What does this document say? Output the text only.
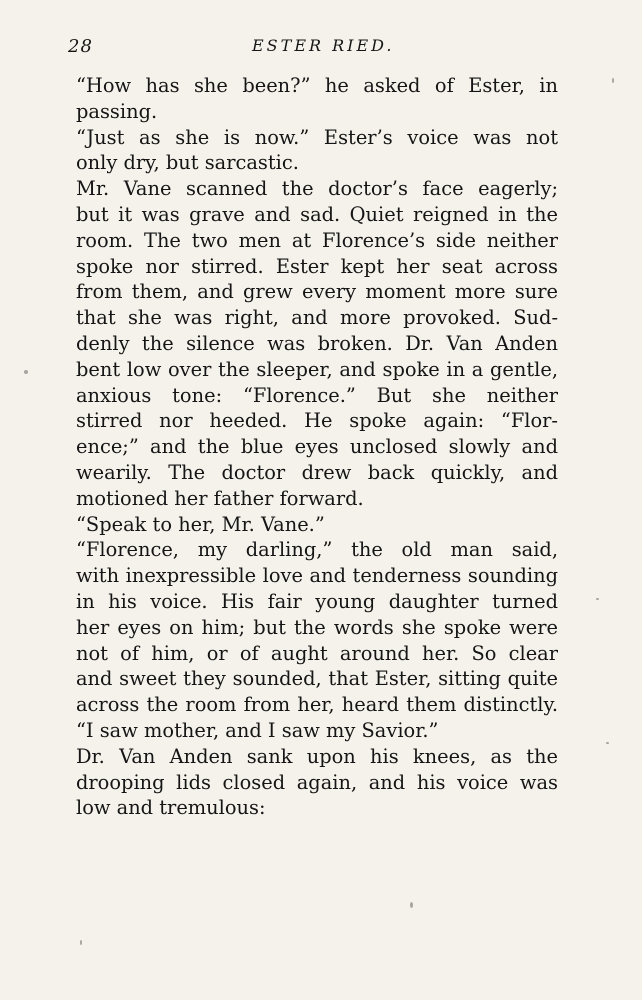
28	ESTER RIED.
“How has she been?” he asked of Ester, in
passing.
“Just as she is now.” Ester’s voice was not
only dry, but sarcastic.
Mr. Vane scanned the doctor’s face eagerly;
but it was grave and sad. Quiet reigned in the
room. The two men at Florence’s side neither
spoke nor stirred. Ester kept her seat across
from them, and grew every moment more sure
that she was right, and more provoked. Sud-
denly the silence was broken. Dr. Van Anden
bent low over the sleeper, and spoke in a gentle,
anxious tone: “Florence.” But she neither
stirred nor heeded. He spoke again: “Flor-
ence;” and the blue eyes unclosed slowly and
wearily. The doctor drew back quickly, and
motioned her father forward.
“Speak to her, Mr. Vane.”
“Florence, my darling,” the old man said,
with inexpressible love and tenderness sounding
in his voice. His fair young daughter turned
her eyes on him; but the words she spoke were
not of him, or of aught around her. So clear
and sweet they sounded, that Ester, sitting quite
across the room from her, heard them distinctly.
“I saw mother, and I saw my Savior.”
Dr. Van Anden sank upon his knees, as the
drooping lids closed again, and his voice was
low and tremulous:
